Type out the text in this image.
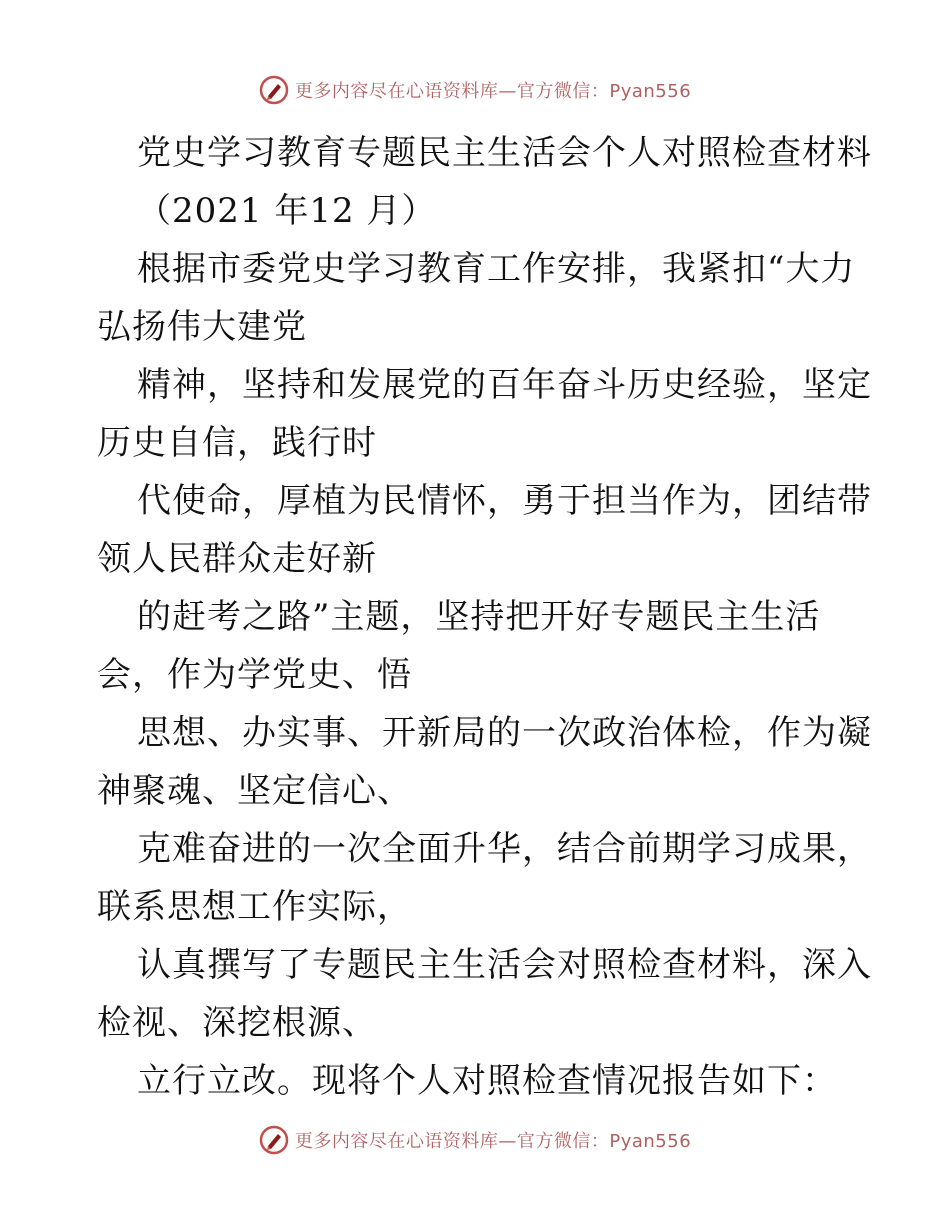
更多内容尽在心语资料库—官方微信：Pyan556
党史学习教育专题民主生活会个人对照检查材料
（2021 年12 月）
根据市委党史学习教育工作安排，我紧扣“大力
弘扬伟大建党
精神，坚持和发展党的百年奋斗历史经验，坚定
历史自信，践行时
代使命，厚植为民情怀，勇于担当作为，团结带
领人民群众走好新
的赶考之路”主题，坚持把开好专题民主生活
会，作为学党史、悟
思想、办实事、开新局的一次政治体检，作为凝
神聚魂、坚定信心、
克难奋进的一次全面升华，结合前期学习成果，
联系思想工作实际，
认真撰写了专题民主生活会对照检查材料，深入
检视、深挖根源、
立行立改。现将个人对照检查情况报告如下：
更多内容尽在心语资料库—官方微信：Pyan556
